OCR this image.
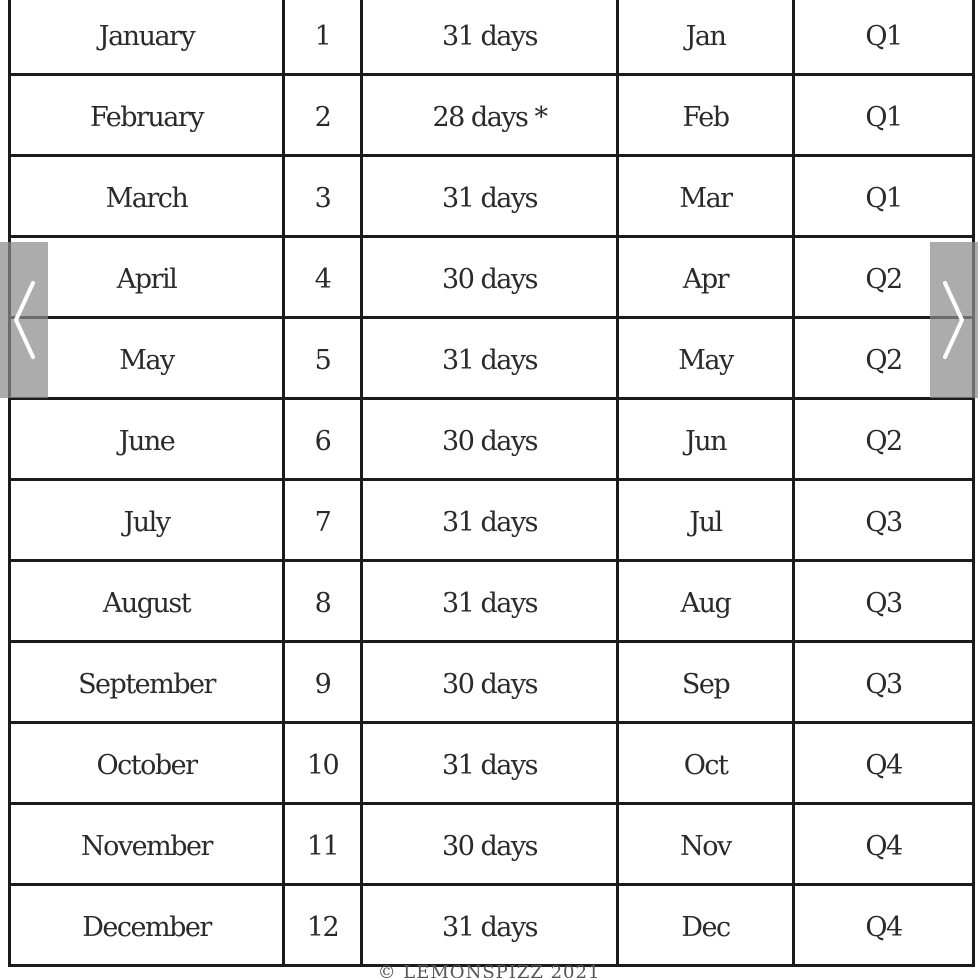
January	1	31 days	Jan	Q1
February	2	28 days *	Feb	Q1
March	3	31 days	Mar	Q1
April	4	30 days	Apr	Q2
May	5	31 days	May	Q2
June	6	30 days	Jun	Q2
July	7	31 days	Jul	Q3
August	8	31 days	Aug	Q3
September	9	30 days	Sep	Q3
October	10	31 days	Oct	Q4
November	11	30 days	Nov	Q4
December	12	31 days	Dec	Q4
© LEMONSPIZZ 2021
